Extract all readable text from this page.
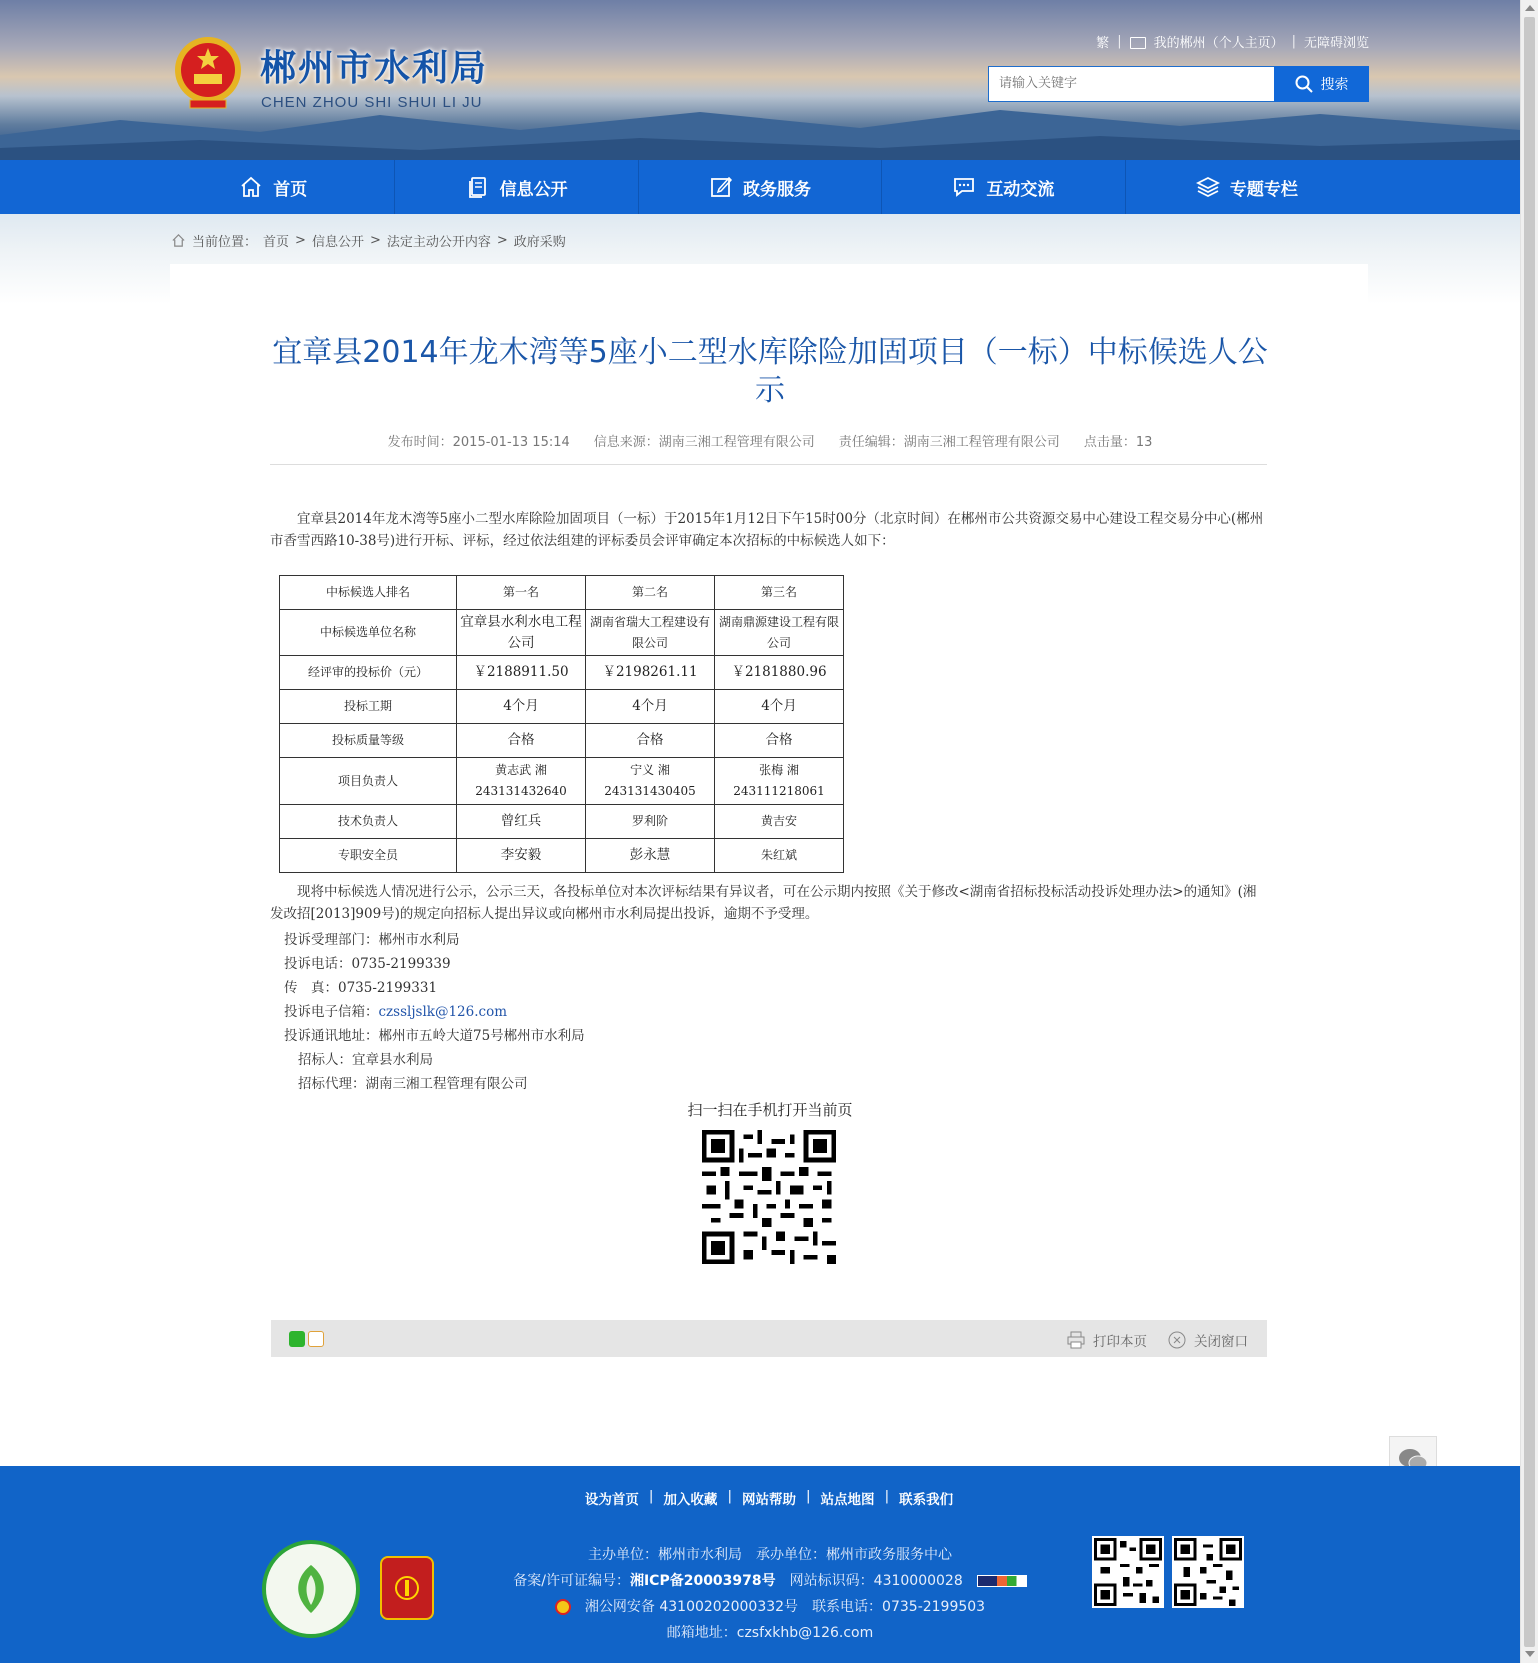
郴州市水利局
CHEN ZHOU SHI SHUI LI JU
繁 | 我的郴州（个人主页） | 无障碍浏览
请输入关键字
搜索
首页	信息公开	政务服务	互动交流	专题专栏
当前位置： 首页 > 信息公开 > 法定主动公开内容 > 政府采购
宜章县2014年龙木湾等5座小二型水库除险加固项目（一标）中标候选人公示
发布时间：2015-01-13 15:14 信息来源：湖南三湘工程管理有限公司 责任编辑：湖南三湘工程管理有限公司 点击量：13
宜章县2014年龙木湾等5座小二型水库除险加固项目（一标）于2015年1月12日下午15时00分（北京时间）在郴州市公共资源交易中心建设工程交易分中心(郴州市香雪西路10-38号)进行开标、评标，经过依法组建的评标委员会评审确定本次招标的中标候选人如下：
中标候选人排名	第一名	第二名	第三名
中标候选单位名称	宜章县水利水电工程公司	湖南省瑞大工程建设有限公司	湖南鼎源建设工程有限公司
经评审的投标价（元）	￥2188911.50	￥2198261.11	￥2181880.96
投标工期	4个月	4个月	4个月
投标质量等级	合格	合格	合格
项目负责人	黄志武 湘243131432640	宁义 湘243131430405	张梅 湘243111218061
技术负责人	曾红兵	罗利阶	黄吉安
专职安全员	李安毅	彭永慧	朱红斌
现将中标候选人情况进行公示，公示三天，各投标单位对本次评标结果有异议者，可在公示期内按照《关于修改<湖南省招标投标活动投诉处理办法>的通知》(湘发改招[2013]909号)的规定向招标人提出异议或向郴州市水利局提出投诉，逾期不予受理。
投诉受理部门：郴州市水利局
投诉电话：0735-2199339
传　真：0735-2199331
投诉电子信箱：czssljslk@126.com
投诉通讯地址：郴州市五岭大道75号郴州市水利局
招标人：宜章县水利局
招标代理：湖南三湘工程管理有限公司
扫一扫在手机打开当前页
打印本页	关闭窗口
设为首页 | 加入收藏 | 网站帮助 | 站点地图 | 联系我们
主办单位：郴州市水利局 承办单位：郴州市政务服务中心
备案/许可证编号：湘ICP备20003978号 网站标识码：4310000028
湘公网安备 43100202000332号 联系电话：0735-2199503
邮箱地址：czsfxkhb@126.com
